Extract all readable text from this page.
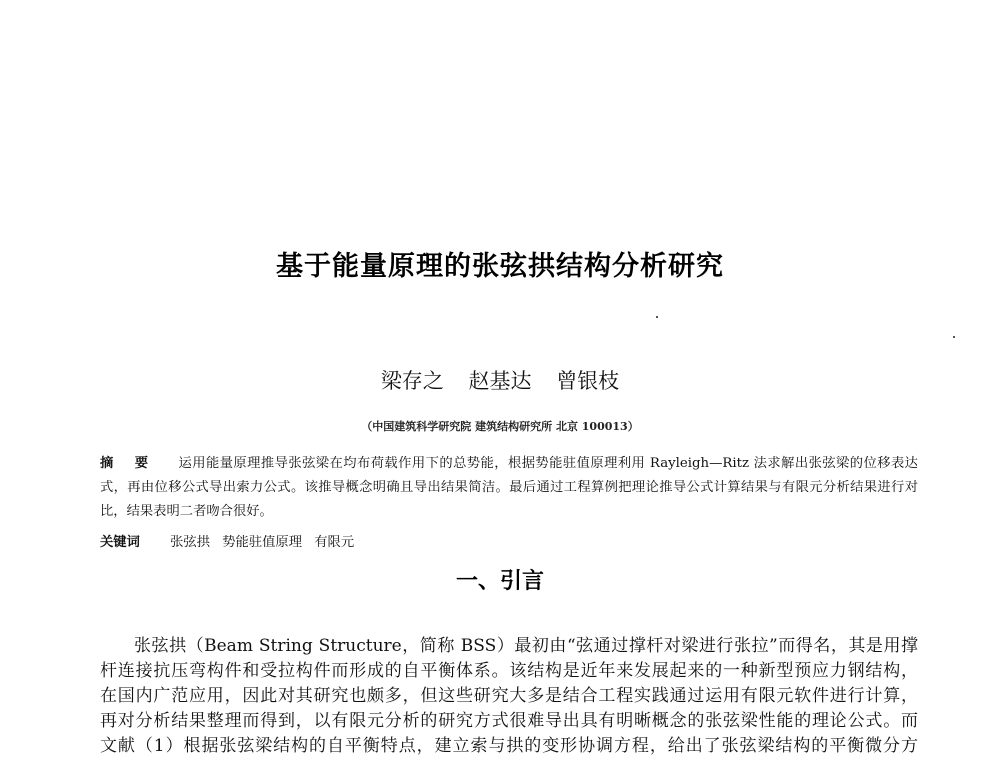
基于能量原理的张弦拱结构分析研究
梁存之 赵基达 曾银枝
（中国建筑科学研究院 建筑结构研究所 北京 100013）
摘 要 运用能量原理推导张弦梁在均布荷载作用下的总势能，根据势能驻值原理利用 Rayleigh—Ritz 法求解出张弦梁的位移表达式，再由位移公式导出索力公式。该推导概念明确且导出结果简洁。最后通过工程算例把理论推导公式计算结果与有限元分析结果进行对比，结果表明二者吻合很好。
关键词 张弦拱 势能驻值原理 有限元
一、引言
张弦拱（Beam String Structure，简称 BSS）最初由“弦通过撑杆对梁进行张拉”而得名，其是用撑
杆连接抗压弯构件和受拉构件而形成的自平衡体系。该结构是近年来发展起来的一种新型预应力钢结构，
在国内广范应用，因此对其研究也颇多，但这些研究大多是结合工程实践通过运用有限元软件进行计算，
再对分析结果整理而得到，以有限元分析的研究方式很难导出具有明晰概念的张弦梁性能的理论公式。而
文献（1）根据张弦梁结构的自平衡特点，建立索与拱的变形协调方程，给出了张弦梁结构的平衡微分方
